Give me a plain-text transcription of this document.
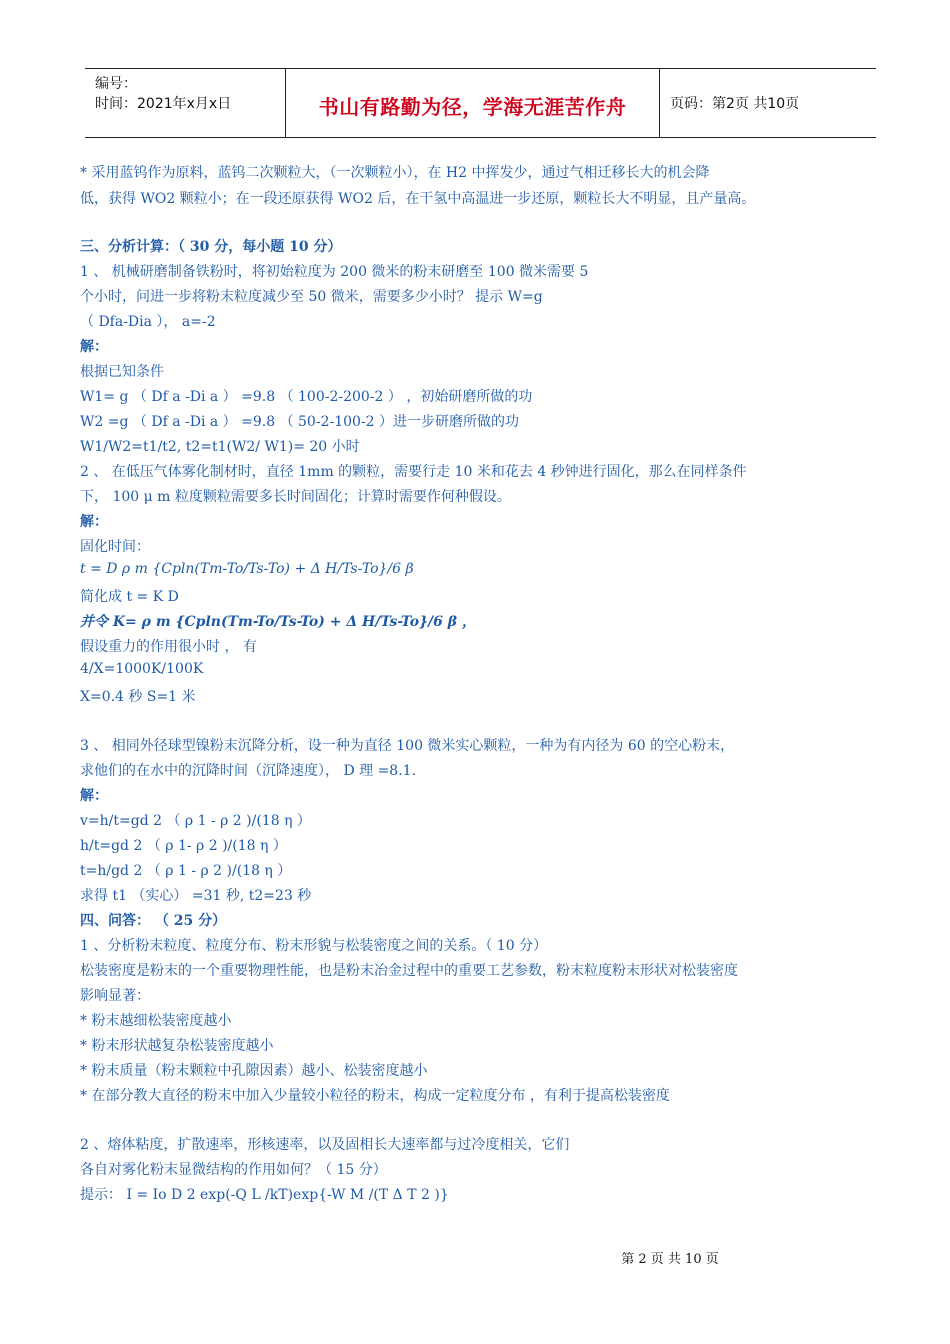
编号：
时间：2021年x月x日	书山有路勤为径，学海无涯苦作舟	页码：第2页 共10页
* 采用蓝钨作为原料，蓝钨二次颗粒大，（一次颗粒小），在 H2 中挥发少，通过气相迁移长大的机会降
低，获得 WO2 颗粒小；在一段还原获得 WO2 后，在干氢中高温进一步还原，颗粒长大不明显，且产量高。
三、分析计算：（ 30 分，每小题 10 分）
1 、 机械研磨制备铁粉时，将初始粒度为 200 微米的粉末研磨至 100 微米需要 5
个小时，问进一步将粉末粒度减少至 50 微米，需要多少小时？ 提示 W=g
（ Dfa-Dia ）， a=-2
解：
根据已知条件
W1= g （ Df a -Di a ） =9.8 （ 100-2-200-2 ） ，初始研磨所做的功
W2 =g （ Df a -Di a ） =9.8 （ 50-2-100-2 ）进一步研磨所做的功
W1/W2=t1/t2, t2=t1(W2/ W1)= 20 小时
2 、 在低压气体雾化制材时，直径 1mm 的颗粒，需要行走 10 米和花去 4 秒钟进行固化，那么在同样条件
下， 100 μ m 粒度颗粒需要多长时间固化；计算时需要作何种假设。
解：
固化时间：
t = D ρ m {Cpln(Tm-To/Ts-To) + Δ H/Ts-To}/6 β
简化成 t = K D
并令 K= ρ m {Cpln(Tm-To/Ts-To) + Δ H/Ts-To}/6 β ，
假设重力的作用很小时 ， 有
4/X=1000K/100K
X=0.4 秒 S=1 米
3 、 相同外径球型镍粉末沉降分析，设一种为直径 100 微米实心颗粒，一种为有内径为 60 的空心粉末，
求他们的在水中的沉降时间（沉降速度）， D 理 =8.1.
解：
v=h/t=gd 2 （ ρ 1 - ρ 2 )/(18 η ）
h/t=gd 2 （ ρ 1- ρ 2 )/(18 η ）
t=h/gd 2 （ ρ 1 - ρ 2 )/(18 η ）
求得 t1 （实心） =31 秒, t2=23 秒
四、问答： （ 25 分）
1 、分析粉末粒度、粒度分布、粉末形貌与松装密度之间的关系。（ 10 分）
松装密度是粉末的一个重要物理性能，也是粉末冶金过程中的重要工艺参数，粉末粒度粉末形状对松装密度
影响显著：
* 粉末越细松装密度越小
* 粉末形状越复杂松装密度越小
* 粉末质量（粉末颗粒中孔隙因素）越小、松装密度越小
* 在部分教大直径的粉末中加入少量较小粒径的粉末，构成一定粒度分布 ，有利于提高松装密度
2 、熔体粘度，扩散速率，形核速率，以及固相长大速率都与过冷度相关，它们
各自对雾化粉末显微结构的作用如何？（ 15 分）
提示： I = Io D 2 exp(-Q L /kT)exp{-W M /(T Δ T 2 )}
第 2 页 共 10 页
